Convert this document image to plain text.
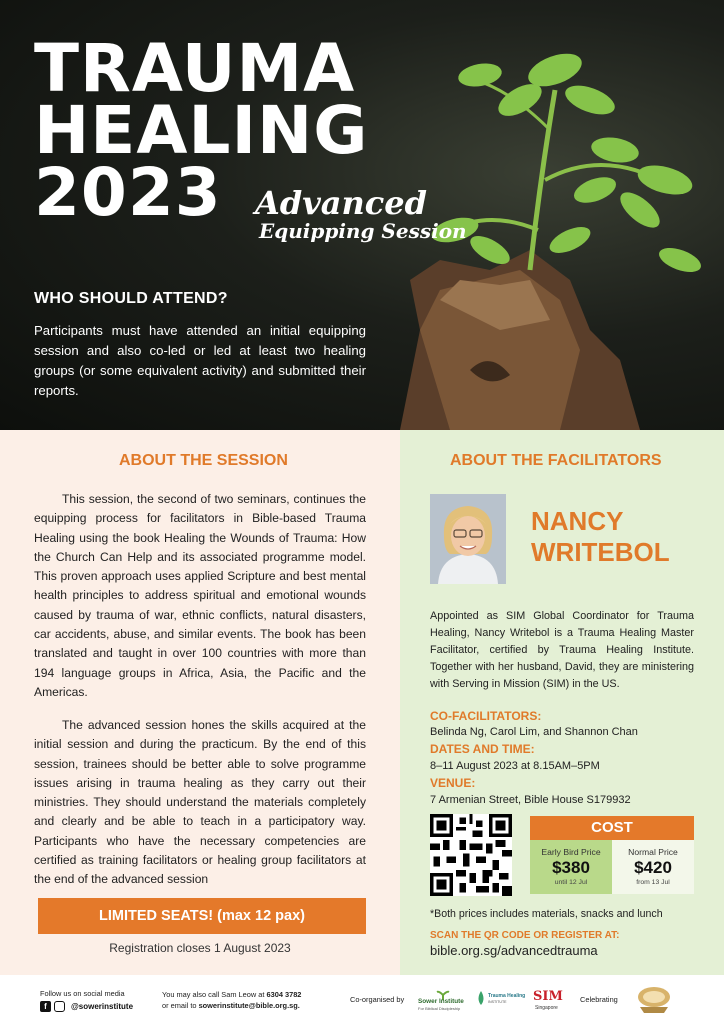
TRAUMA
HEALING
2023	Advanced
Equipping Session
WHO SHOULD ATTEND?
Participants must have attended an initial equipping session and also co-led or led at least two healing groups (or some equivalent activity) and submitted their reports.
ABOUT THE SESSION
This session, the second of two seminars, continues the equipping process for facilitators in Bible-based Trauma Healing using the book Healing the Wounds of Trauma: How the Church Can Help and its associated programme model. This proven approach uses applied Scripture and best mental health principles to address spiritual and emotional wounds caused by trauma of war, ethnic conflicts, natural disasters, car accidents, abuse, and similar events. The book has been translated and taught in over 100 countries with more than 194 language groups in Africa, Asia, the Pacific and the Americas.
The advanced session hones the skills acquired at the initial session and during the practicum. By the end of this session, trainees should be better able to solve programme issues arising in trauma healing as they carry out their ministries. They should understand the materials completely and clearly and be able to teach in a participatory way. Participants who have the necessary competencies are certified as training facilitators or healing group facilitators at the end of the advanced session
LIMITED SEATS! (max 12 pax)
Registration closes 1 August 2023
ABOUT THE FACILITATORS
NANCY
WRITEBOL
Appointed as SIM Global Coordinator for Trauma Healing, Nancy Writebol is a Trauma Healing Master Facilitator, certified by Trauma Healing Institute. Together with her husband, David, they are ministering with Serving in Mission (SIM) in the US.
CO-FACILITATORS:
Belinda Ng, Carol Lim, and Shannon Chan
DATES AND TIME:
8–11 August 2023 at 8.15AM–5PM
VENUE:
7 Armenian Street, Bible House S179932
COST
Early Bird Price
$380
until 12 Jul
Normal Price
$420
from 13 Jul
*Both prices includes materials, snacks and lunch
SCAN THE QR CODE OR REGISTER AT:
bible.org.sg/advancedtrauma
Follow us on social media
f	@sowerinstitute
You may also call Sam Leow at 6304 3782
or email to sowerinstitute@bible.org.sg.
Co-organised by Sower Institute
For Biblical Discipleship
Trauma Healing
INSTITUTE SIM
Singapore
Celebrating
